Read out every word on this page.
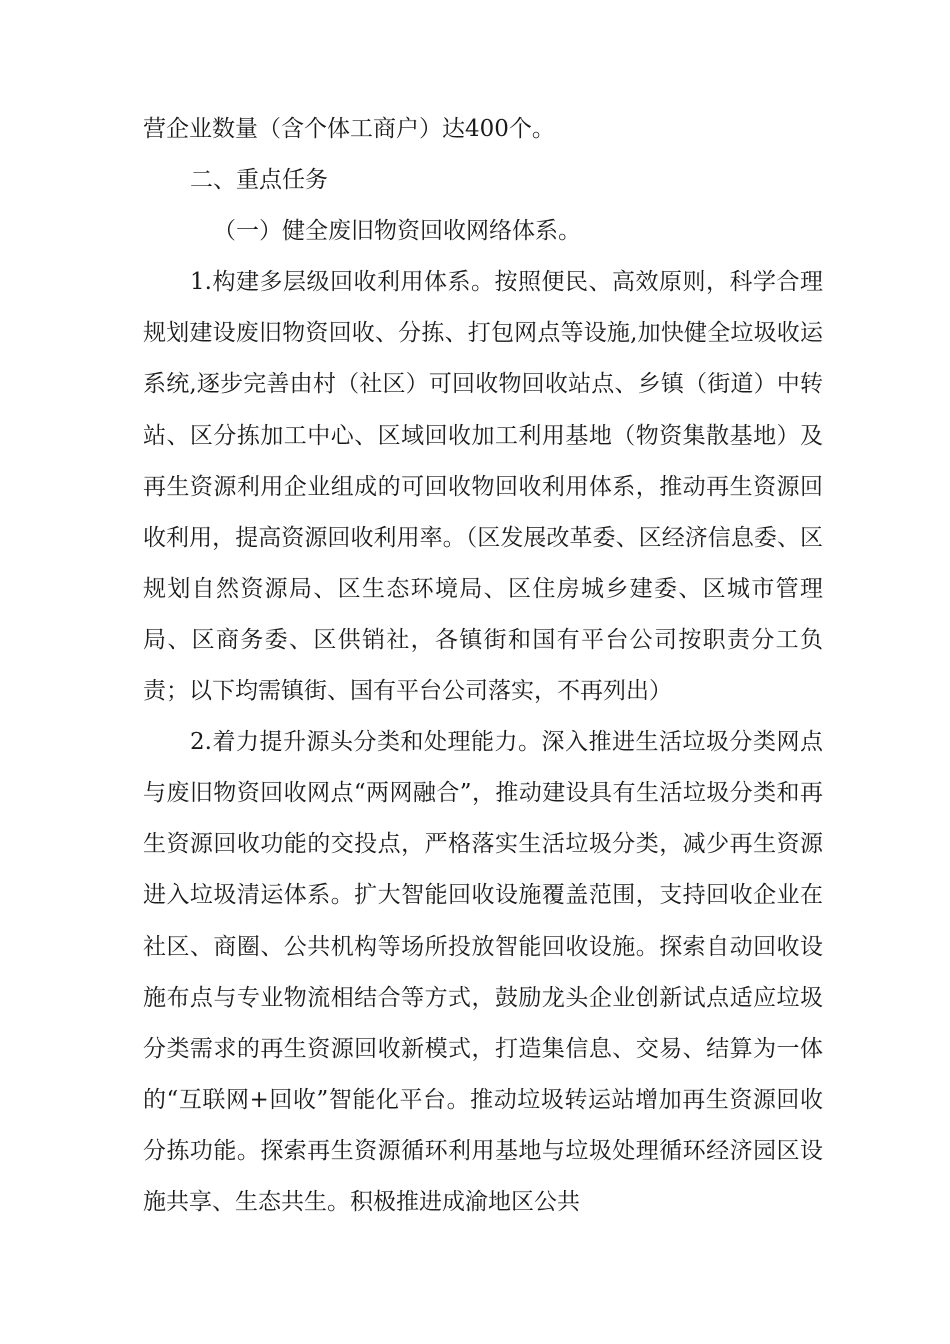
营企业数量（含个体工商户）达400个。

二、重点任务

（一）健全废旧物资回收网络体系。

1.构建多层级回收利用体系。按照便民、高效原则，科学合理规划建设废旧物资回收、分拣、打包网点等设施,加快健全垃圾收运系统,逐步完善由村（社区）可回收物回收站点、乡镇（街道）中转站、区分拣加工中心、区域回收加工利用基地（物资集散基地）及再生资源利用企业组成的可回收物回收利用体系，推动再生资源回收利用，提高资源回收利用率。（区发展改革委、区经济信息委、区规划自然资源局、区生态环境局、区住房城乡建委、区城市管理局、区商务委、区供销社，各镇街和国有平台公司按职责分工负责；以下均需镇街、国有平台公司落实，不再列出）

2.着力提升源头分类和处理能力。深入推进生活垃圾分类网点与废旧物资回收网点“两网融合”，推动建设具有生活垃圾分类和再生资源回收功能的交投点，严格落实生活垃圾分类，减少再生资源进入垃圾清运体系。扩大智能回收设施覆盖范围，支持回收企业在社区、商圈、公共机构等场所投放智能回收设施。探索自动回收设施布点与专业物流相结合等方式，鼓励龙头企业创新试点适应垃圾分类需求的再生资源回收新模式，打造集信息、交易、结算为一体的“互联网+回收”智能化平台。推动垃圾转运站增加再生资源回收分拣功能。探索再生资源循环利用基地与垃圾处理循环经济园区设施共享、生态共生。积极推进成渝地区公共
